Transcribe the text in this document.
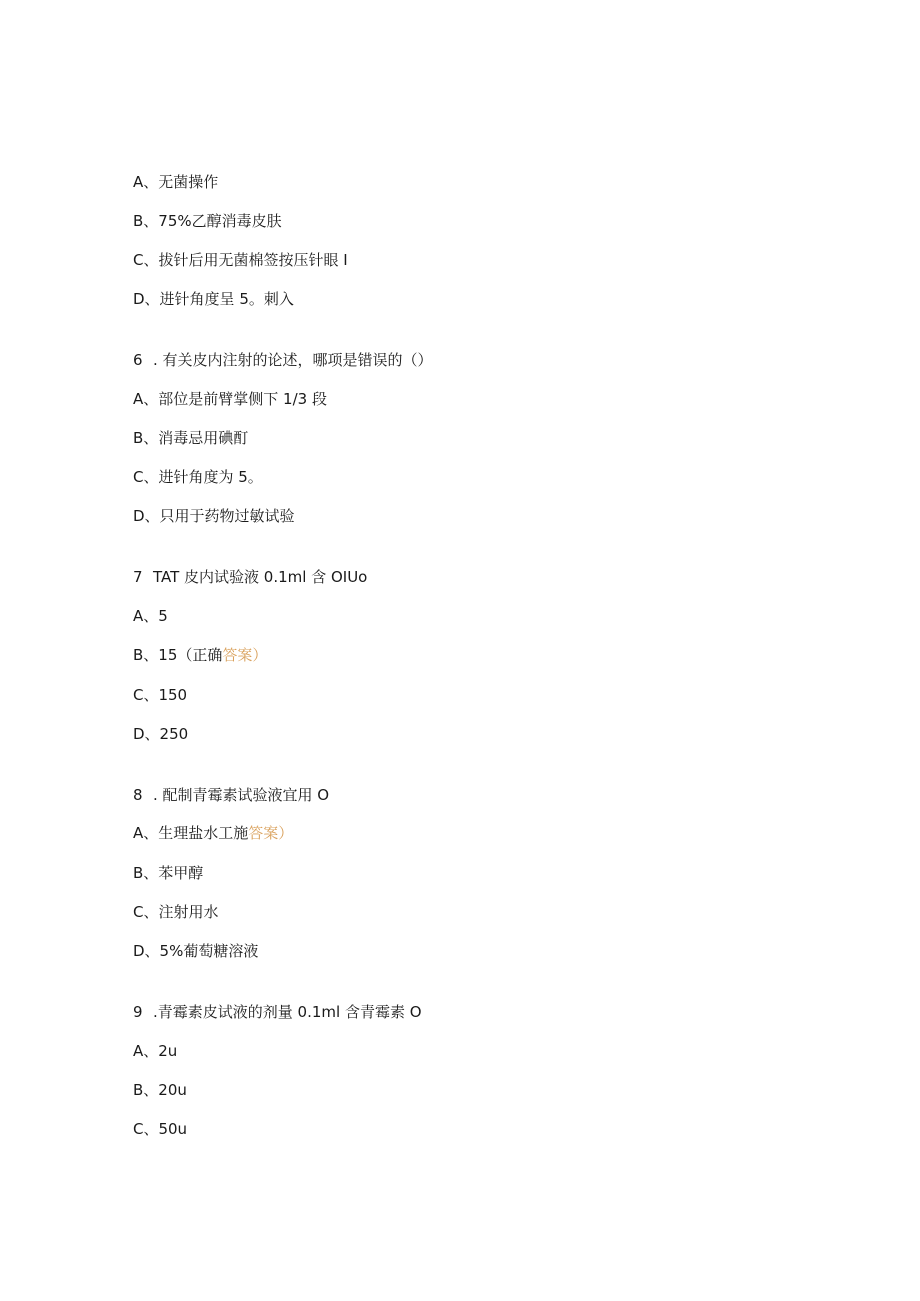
A、无菌操作
B、75%乙醇消毒皮肤
C、拔针后用无菌棉签按压针眼 I
D、进针角度呈 5。刺入
6 . 有关皮内注射的论述，哪项是错误的（）
A、部位是前臂掌侧下 1/3 段
B、消毒忌用碘酊
C、进针角度为 5。
D、只用于药物过敏试验
7 TAT 皮内试验液 0.1ml 含 OIUo
A、5
B、15（正确答案）
C、150
D、250
8 . 配制青霉素试验液宜用 O
A、生理盐水工施答案）
B、苯甲醇
C、注射用水
D、5%葡萄糖溶液
9 .青霉素皮试液的剂量 0.1ml 含青霉素 O
A、2u
B、20u
C、50u
